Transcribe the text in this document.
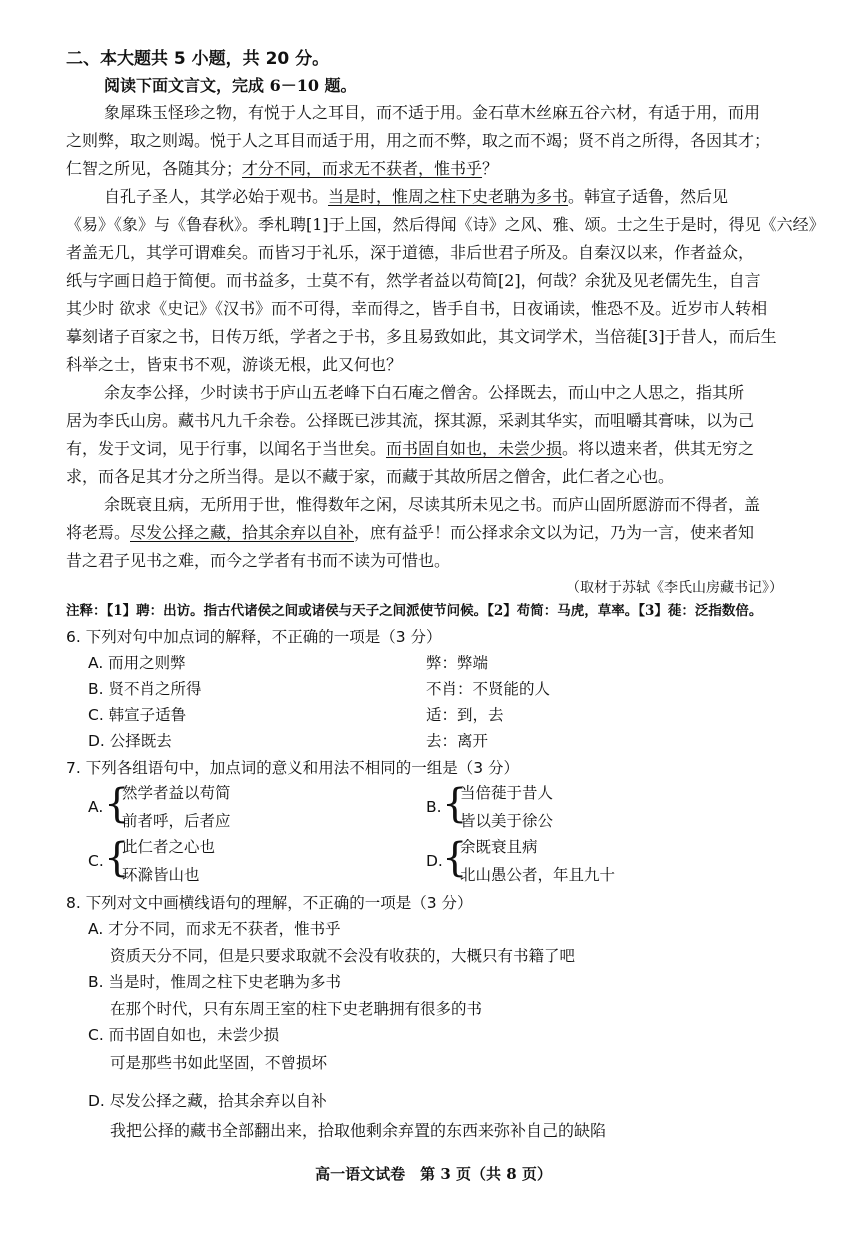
二、本大题共 5 小题，共 20 分。
阅读下面文言文，完成 6－10 题。
象犀珠玉怪珍之物，有悦于人之耳目，而不适于用。金石草木丝麻五谷六材，有适于用，而用
之则弊，取之则竭。悦于人之耳目而适于用，用之而不弊，取之而不竭；贤不肖之所得，各因其才；
仁智之所见，各随其分；才分不同，而求无不获者，惟书乎？
自孔子圣人，其学必始于观书。当是时，惟周之柱下史老聃为多书。韩宣子适鲁，然后见
《易》《象》与《鲁春秋》。季札聘[1]于上国，然后得闻《诗》之风、雅、颂。士之生于是时，得见《六经》
者盖无几，其学可谓难矣。而皆习于礼乐，深于道德，非后世君子所及。自秦汉以来，作者益众，
纸与字画日趋于简便。而书益多，士莫不有，然学者益以苟简[2]，何哉？余犹及见老儒先生，自言
其少时 欲求《史记》《汉书》而不可得，幸而得之，皆手自书，日夜诵读，惟恐不及。近岁市人转相
摹刻诸子百家之书，日传万纸，学者之于书，多且易致如此，其文词学术，当倍蓰[3]于昔人，而后生
科举之士，皆束书不观，游谈无根，此又何也？
余友李公择，少时读书于庐山五老峰下白石庵之僧舍。公择既去，而山中之人思之，指其所
居为李氏山房。藏书凡九千余卷。公择既已涉其流，探其源，采剥其华实，而咀嚼其膏味，以为己
有，发于文词，见于行事，以闻名于当世矣。而书固自如也，未尝少损。将以遗来者，供其无穷之
求，而各足其才分之所当得。是以不藏于家，而藏于其故所居之僧舍，此仁者之心也。
余既衰且病，无所用于世，惟得数年之闲，尽读其所未见之书。而庐山固所愿游而不得者，盖
将老焉。尽发公择之藏，拾其余弃以自补，庶有益乎！而公择求余文以为记，乃为一言，使来者知
昔之君子见书之难，而今之学者有书而不读为可惜也。
（取材于苏轼《李氏山房藏书记》）
注释：【1】聘：出访。指古代诸侯之间或诸侯与天子之间派使节问候。【2】苟简：马虎，草率。【3】蓰：泛指数倍。
6. 下列对句中加点词的解释，不正确的一项是（3 分）
A. 而用之则弊	弊：弊端
B. 贤不肖之所得	不肖：不贤能的人
C. 韩宣子适鲁	适：到，去
D. 公择既去	去：离开
7. 下列各组语句中，加点词的意义和用法不相同的一组是（3 分）
A. {
然学者益以苟简
前者呼，后者应
B. {
当倍蓰于昔人
皆以美于徐公
C. {
此仁者之心也
环滁皆山也
D. {
余既衰且病
北山愚公者，年且九十
8. 下列对文中画横线语句的理解，不正确的一项是（3 分）
A. 才分不同，而求无不获者，惟书乎
资质天分不同，但是只要求取就不会没有收获的，大概只有书籍了吧
B. 当是时，惟周之柱下史老聃为多书
在那个时代，只有东周王室的柱下史老聃拥有很多的书
C. 而书固自如也，未尝少损
可是那些书如此坚固，不曾损坏
D. 尽发公择之藏，拾其余弃以自补
我把公择的藏书全部翻出来，拾取他剩余弃置的东西来弥补自己的缺陷
高一语文试卷　第 3 页（共 8 页）
